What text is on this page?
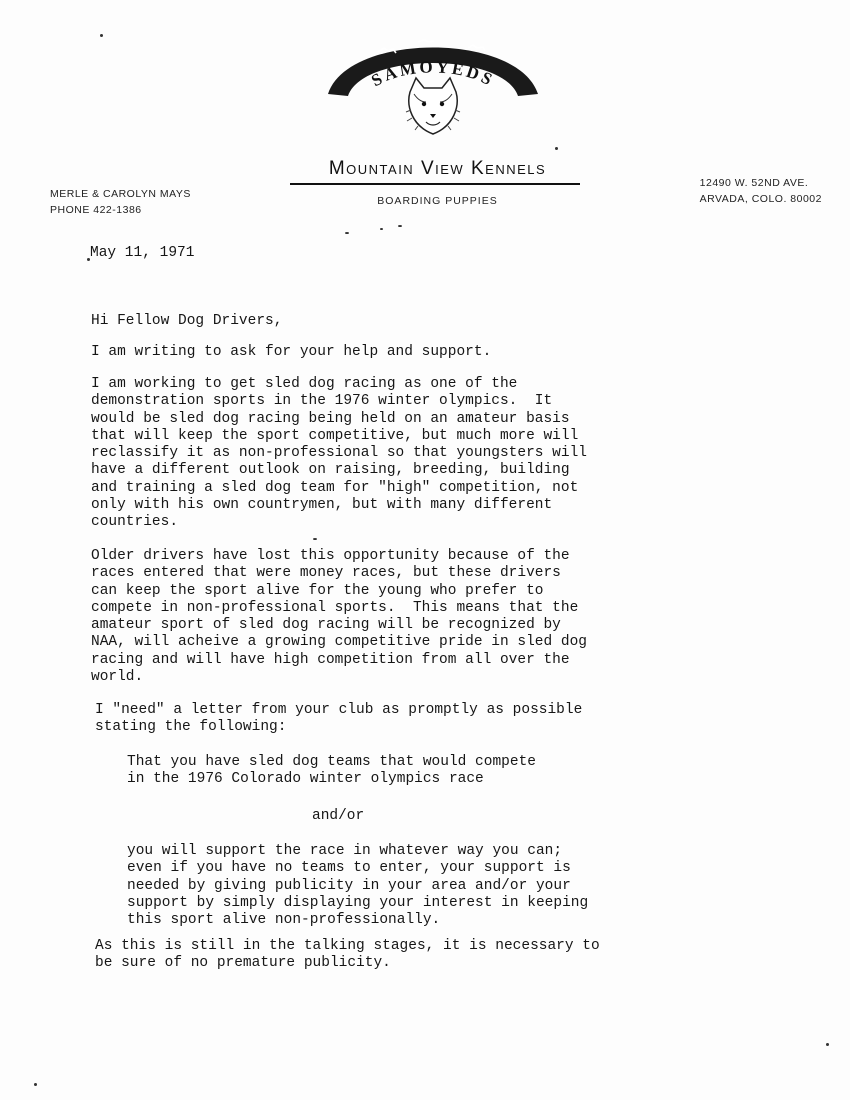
SAMOYEDS
Mountain View Kennels
BOARDING PUPPIES
MERLE & CAROLYN MAYS
PHONE 422-1386
12490 W. 52ND AVE.
ARVADA, COLO. 80002
May 11, 1971
Hi Fellow Dog Drivers,
I am writing to ask for your help and support.
I am working to get sled dog racing as one of the
demonstration sports in the 1976 winter olympics.  It
would be sled dog racing being held on an amateur basis
that will keep the sport competitive, but much more will
reclassify it as non-professional so that youngsters will
have a different outlook on raising, breeding, building
and training a sled dog team for "high" competition, not
only with his own countrymen, but with many different
countries.
Older drivers have lost this opportunity because of the
races entered that were money races, but these drivers
can keep the sport alive for the young who prefer to
compete in non-professional sports.  This means that the
amateur sport of sled dog racing will be recognized by
NAA, will acheive a growing competitive pride in sled dog
racing and will have high competition from all over the
world.
I "need" a letter from your club as promptly as possible
stating the following:
That you have sled dog teams that would compete
in the 1976 Colorado winter olympics race
and/or
you will support the race in whatever way you can;
even if you have no teams to enter, your support is
needed by giving publicity in your area and/or your
support by simply displaying your interest in keeping
this sport alive non-professionally.
As this is still in the talking stages, it is necessary to
be sure of no premature publicity.
